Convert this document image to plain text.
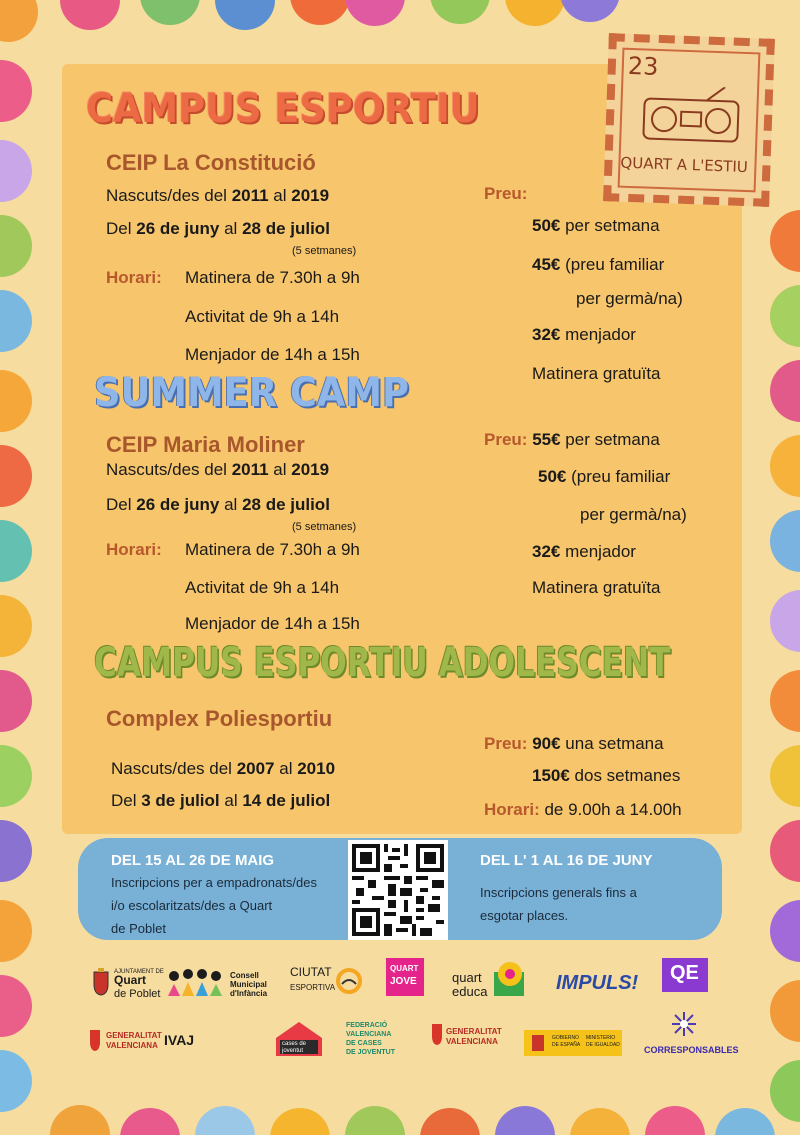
23
QUART A L'ESTIU
CAMPUS ESPORTIU
CEIP La Constitució
Nascuts/des del 2011 al 2019
Del 26 de juny al 28 de juliol
(5 setmanes)
Horari: Matinera de 7.30h a 9h
Activitat de 9h a 14h
Menjador de 14h a 15h
Preu:
50€ per setmana
45€ (preu familiar
per germà/na)
32€ menjador
Matinera gratuïta
SUMMER CAMP
CEIP Maria Moliner
Nascuts/des del 2011 al 2019
Del 26 de juny al 28 de juliol
(5 setmanes)
Horari: Matinera de 7.30h a 9h
Activitat de 9h a 14h
Menjador de 14h a 15h
Preu: 55€ per setmana
50€ (preu familiar
per germà/na)
32€ menjador
Matinera gratuïta
CAMPUS ESPORTIU ADOLESCENT
Complex Poliesportiu
Nascuts/des del 2007 al 2010
Del 3 de juliol al 14 de juliol
Preu: 90€ una setmana
150€ dos setmanes
Horari: de 9.00h a 14.00h
DEL 15 AL 26 DE MAIG
Inscripcions per a empadronats/des
i/o escolaritzats/des a Quart
de Poblet
DEL L' 1 AL 16 DE JUNY
Inscripcions generals fins a
esgotar places.
AJUNTAMENT DE
Quart
de Poblet
Consell
Municipal
d'Infància
CIUTAT
ESPORTIVA
QUART
JOVE	quart
educa	IMPULS! QE
GENERALITAT
VALENCIANA IVAJ	cases de
joventut
FEDERACIÓ
VALENCIANA
DE CASES
DE JOVENTUT
GENERALITAT
VALENCIANA	GOBIERNO
DE ESPAÑA
MINISTERIO
DE IGUALDAD	CORRESPONSABLES
